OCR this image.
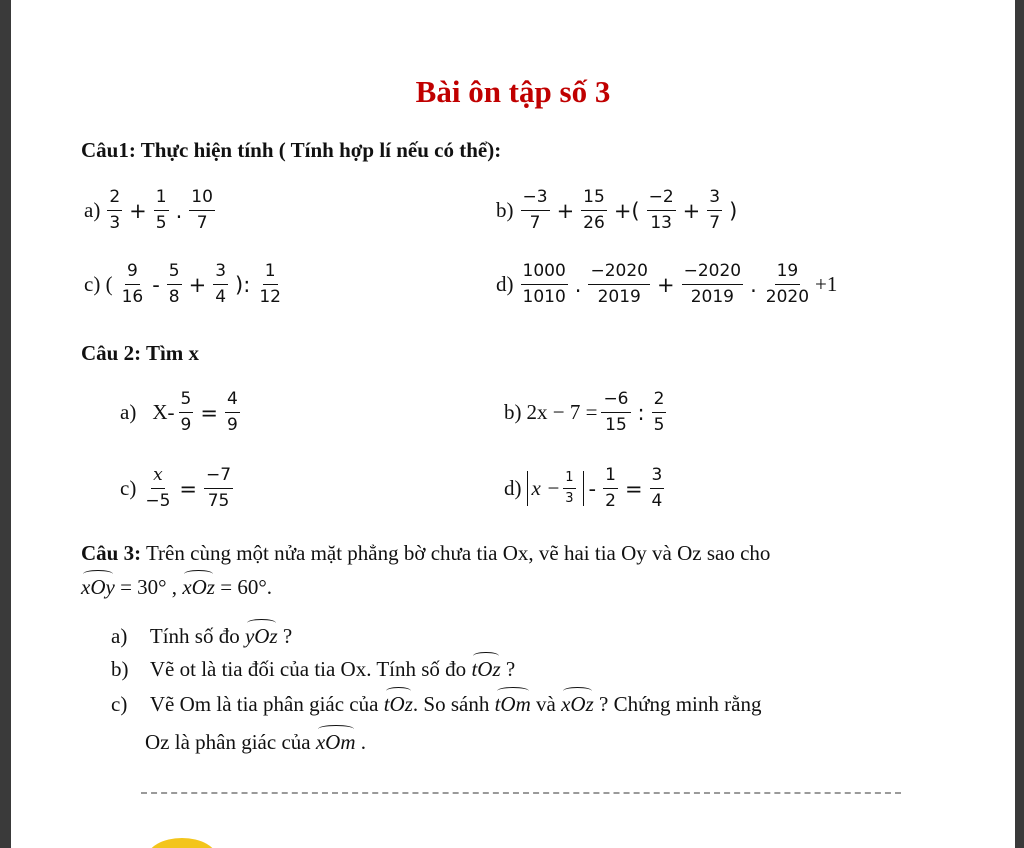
Bài ôn tập số 3
Câu1: Thực hiện tính ( Tính hợp lí nếu có thể):
$a) \frac{2}{3} + \frac{1}{5}$ . $\frac{10}{7}$	$b) \frac{-3}{7} + \frac{15}{26}$ +( $\frac{-2}{13} + \frac{3}{7}$ )
c) ( $\frac{9}{16} - \frac{5}{8} + \frac{3}{4}$ ): $\frac{1}{12}$	$d) \frac{1000}{1010}$ . $\frac{-2020}{2019} + \frac{-2020}{2019}$ . $\frac{19}{2020} +1$
Câu 2: Tìm x
a) $X- \frac{5}{9} = \frac{4}{9}$	b) $2x - 7 = \frac{-6}{15}$ : $\frac{2}{5}$
$c) \frac{x}{-5} = \frac{-7}{75}$	d) $x - \frac{1}{3} - \frac{1}{2} = \frac{3}{4}$
Câu 3: Trên cùng một nửa mặt phẳng bờ chưa tia Ox, vẽ hai tia Oy và Oz sao cho
xOy = 30° , xOz = 60°.
a) Tính số đo yOz ?
b) Vẽ ot là tia đối của tia Ox. Tính số đo tOz ?
c) Vẽ Om là tia phân giác của tOz. So sánh tOm và xOz ? Chứng minh rằng
Oz là phân giác của xOm .
